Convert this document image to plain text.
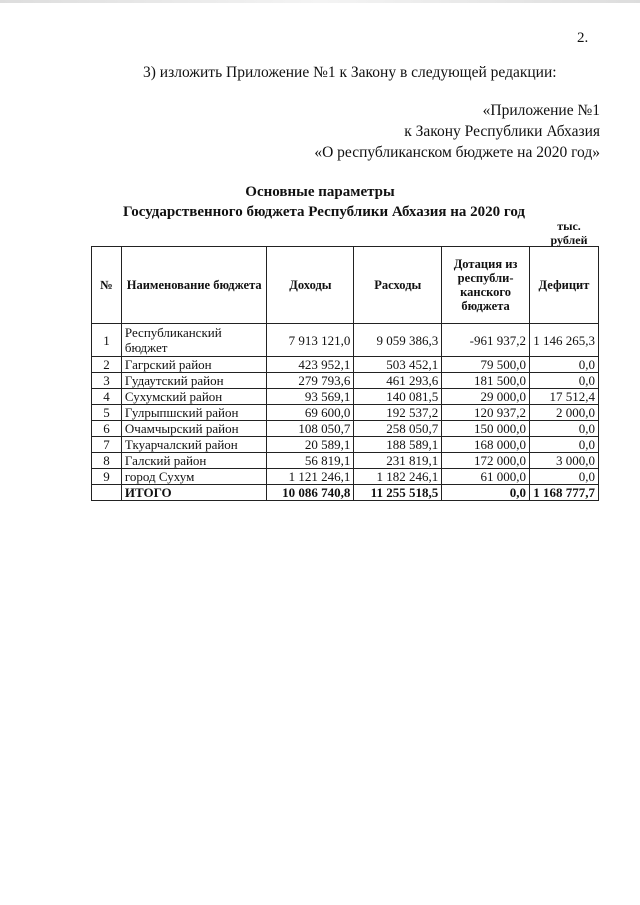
2.
3) изложить Приложение №1 к Закону в следующей редакции:
«Приложение №1
к Закону Республики Абхазия
«О республиканском бюджете на 2020 год»
Основные параметры
Государственного бюджета Республики Абхазия на 2020 год
тыс.
рублей
№	Наименование бюджета	Доходы	Расходы	Дотация из республи-канского бюджета	Дефицит
1	Республиканский бюджет	7 913 121,0	9 059 386,3	-961 937,2	1 146 265,3
2	Гагрский район	423 952,1	503 452,1	79 500,0	0,0
3	Гудаутский район	279 793,6	461 293,6	181 500,0	0,0
4	Сухумский район	93 569,1	140 081,5	29 000,0	17 512,4
5	Гулрыпшский район	69 600,0	192 537,2	120 937,2	2 000,0
6	Очамчырский район	108 050,7	258 050,7	150 000,0	0,0
7	Ткуарчалский район	20 589,1	188 589,1	168 000,0	0,0
8	Галский район	56 819,1	231 819,1	172 000,0	3 000,0
9	город Сухум	1 121 246,1	1 182 246,1	61 000,0	0,0
	ИТОГО	10 086 740,8	11 255 518,5	0,0	1 168 777,7
